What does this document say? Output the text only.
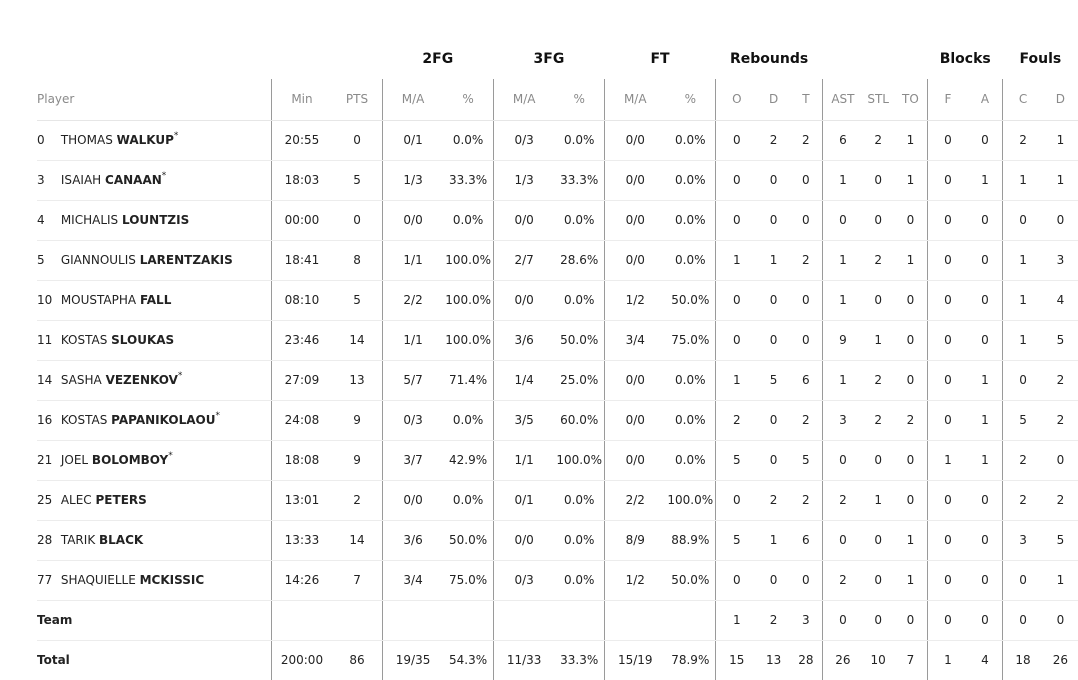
			2FG		3FG		FT		Rebounds						Blocks		Fouls	
Player	Min	PTS	M/A	%	M/A	%	M/A	%	O	D	T	AST	STL	TO	F	A	C	D
0 THOMAS WALKUP*	20:55	0	0/1	0.0%	0/3	0.0%	0/0	0.0%	0	2	2	6	2	1	0	0	2	1
3 ISAIAH CANAAN*	18:03	5	1/3	33.3%	1/3	33.3%	0/0	0.0%	0	0	0	1	0	1	0	1	1	1
4 MICHALIS LOUNTZIS	00:00	0	0/0	0.0%	0/0	0.0%	0/0	0.0%	0	0	0	0	0	0	0	0	0	0
5 GIANNOULIS LARENTZAKIS	18:41	8	1/1	100.0%	2/7	28.6%	0/0	0.0%	1	1	2	1	2	1	0	0	1	3
10 MOUSTAPHA FALL	08:10	5	2/2	100.0%	0/0	0.0%	1/2	50.0%	0	0	0	1	0	0	0	0	1	4
11 KOSTAS SLOUKAS	23:46	14	1/1	100.0%	3/6	50.0%	3/4	75.0%	0	0	0	9	1	0	0	0	1	5
14 SASHA VEZENKOV*	27:09	13	5/7	71.4%	1/4	25.0%	0/0	0.0%	1	5	6	1	2	0	0	1	0	2
16 KOSTAS PAPANIKOLAOU*	24:08	9	0/3	0.0%	3/5	60.0%	0/0	0.0%	2	0	2	3	2	2	0	1	5	2
21 JOEL BOLOMBOY*	18:08	9	3/7	42.9%	1/1	100.0%	0/0	0.0%	5	0	5	0	0	0	1	1	2	0
25 ALEC PETERS	13:01	2	0/0	0.0%	0/1	0.0%	2/2	100.0%	0	2	2	2	1	0	0	0	2	2
28 TARIK BLACK	13:33	14	3/6	50.0%	0/0	0.0%	8/9	88.9%	5	1	6	0	0	1	0	0	3	5
77 SHAQUIELLE MCKISSIC	14:26	7	3/4	75.0%	0/3	0.0%	1/2	50.0%	0	0	0	2	0	1	0	0	0	1
Team									1	2	3	0	0	0	0	0	0	0
Total	200:00	86	19/35	54.3%	11/33	33.3%	15/19	78.9%	15	13	28	26	10	7	1	4	18	26
